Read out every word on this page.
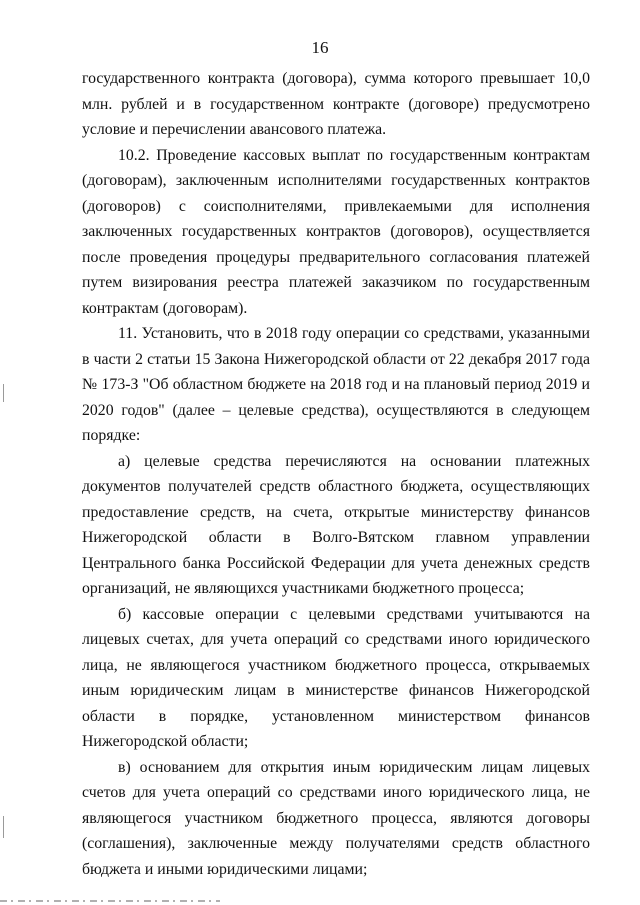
16

государственного контракта (договора), сумма которого превышает 10,0 млн. рублей и в государственном контракте (договоре) предусмотрено условие и перечислении авансового платежа.

10.2. Проведение кассовых выплат по государственным контрактам (договорам), заключенным исполнителями государственных контрактов (договоров) с соисполнителями, привлекаемыми для исполнения заключенных государственных контрактов (договоров), осуществляется после проведения процедуры предварительного согласования платежей путем визирования реестра платежей заказчиком по государственным контрактам (договорам).

11. Установить, что в 2018 году операции со средствами, указанными в части 2 статьи 15 Закона Нижегородской области от 22 декабря 2017 года № 173-З "Об областном бюджете на 2018 год и на плановый период 2019 и 2020 годов" (далее – целевые средства), осуществляются в следующем порядке:

а) целевые средства перечисляются на основании платежных документов получателей средств областного бюджета, осуществляющих предоставление средств, на счета, открытые министерству финансов Нижегородской области в Волго-Вятском главном управлении Центрального банка Российской Федерации для учета денежных средств организаций, не являющихся участниками бюджетного процесса;

б) кассовые операции с целевыми средствами учитываются на лицевых счетах, для учета операций со средствами иного юридического лица, не являющегося участником бюджетного процесса, открываемых иным юридическим лицам в министерстве финансов Нижегородской области в порядке, установленном министерством финансов Нижегородской области;

в) основанием для открытия иным юридическим лицам лицевых счетов для учета операций со средствами иного юридического лица, не являющегося участником бюджетного процесса, являются договоры (соглашения), заключенные между получателями средств областного бюджета и иными юридическими лицами;
